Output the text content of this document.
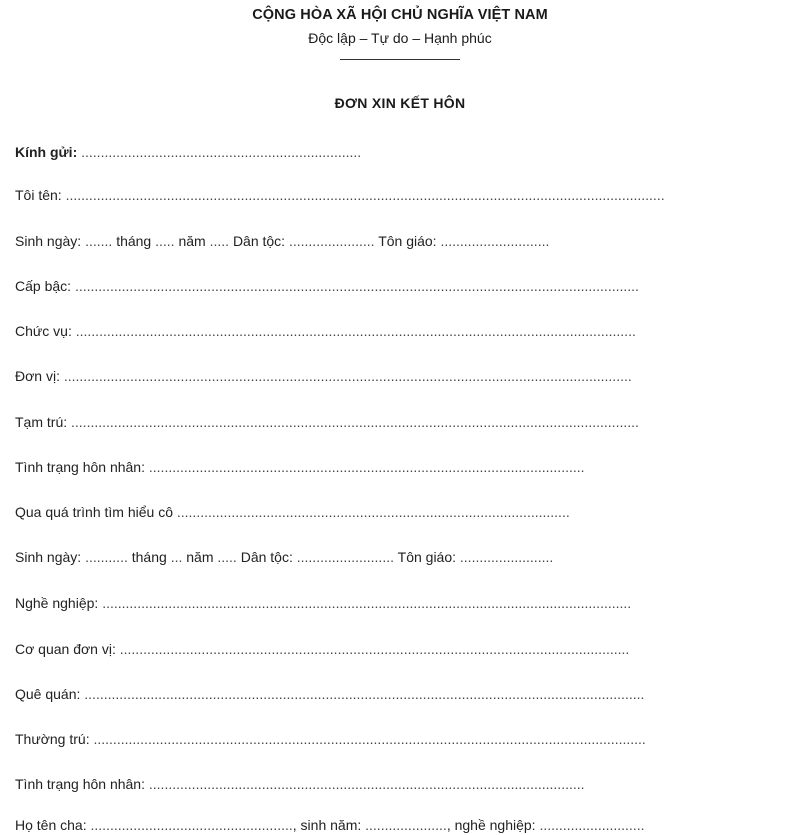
CỘNG HÒA XÃ HỘI CHỦ NGHĨA VIỆT NAM
Độc lập – Tự do – Hạnh phúc
ĐƠN XIN KẾT HÔN
Kính gửi: ........................................................................
Tôi tên: ..........................................................................................................................................................
Sinh ngày: ....... tháng ..... năm ..... Dân tộc: ...................... Tôn giáo: ............................
Cấp bậc: .................................................................................................................................................
Chức vụ: ................................................................................................................................................
Đơn vị: ..................................................................................................................................................
Tạm trú: ..................................................................................................................................................
Tình trạng hôn nhân: ................................................................................................................
Qua quá trình tìm hiểu cô .....................................................................................................
Sinh ngày: ........... tháng ... năm ..... Dân tộc: ......................... Tôn giáo: ........................
Nghề nghiệp: ........................................................................................................................................
Cơ quan đơn vị: ...................................................................................................................................
Quê quán: ................................................................................................................................................
Thường trú: ..............................................................................................................................................
Tình trạng hôn nhân: ................................................................................................................
Họ tên cha: ...................................................., sinh năm: ....................., nghề nghiệp: ...........................
